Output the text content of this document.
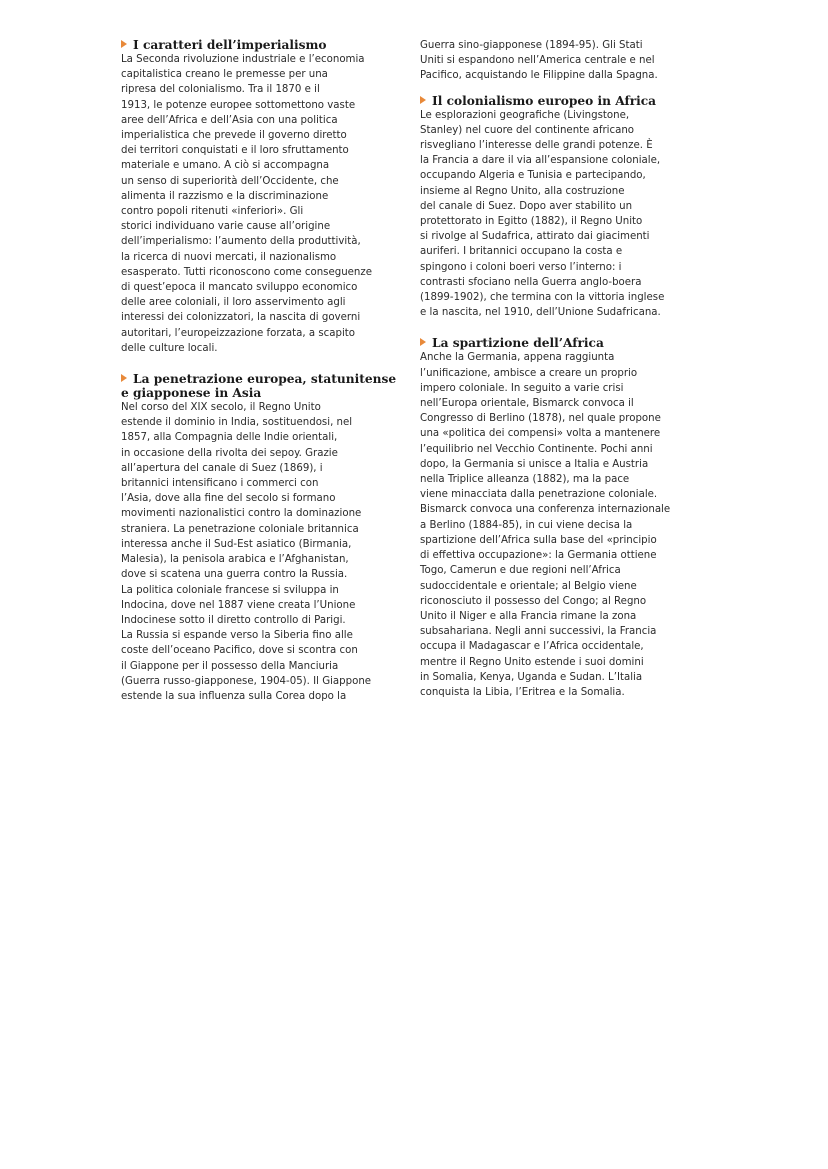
I caratteri dell’imperialismo

La Seconda rivoluzione industriale e l’economia
capitalistica creano le premesse per una
ripresa del colonialismo. Tra il 1870 e il
1913, le potenze europee sottomettono vaste
aree dell’Africa e dell’Asia con una politica
imperialistica che prevede il governo diretto
dei territori conquistati e il loro sfruttamento
materiale e umano. A ciò si accompagna
un senso di superiorità dell’Occidente, che
alimenta il razzismo e la discriminazione
contro popoli ritenuti «inferiori». Gli
storici individuano varie cause all’origine
dell’imperialismo: l’aumento della produttività,
la ricerca di nuovi mercati, il nazionalismo
esasperato. Tutti riconoscono come conseguenze
di quest’epoca il mancato sviluppo economico
delle aree coloniali, il loro asservimento agli
interessi dei colonizzatori, la nascita di governi
autoritari, l’europeizzazione forzata, a scapito
delle culture locali.

La penetrazione europea, statunitense
e giapponese in Asia

Nel corso del XIX secolo, il Regno Unito
estende il dominio in India, sostituendosi, nel
1857, alla Compagnia delle Indie orientali,
in occasione della rivolta dei sepoy. Grazie
all’apertura del canale di Suez (1869), i
britannici intensificano i commerci con
l’Asia, dove alla fine del secolo si formano
movimenti nazionalistici contro la dominazione
straniera. La penetrazione coloniale britannica
interessa anche il Sud-Est asiatico (Birmania,
Malesia), la penisola arabica e l’Afghanistan,
dove si scatena una guerra contro la Russia.
La politica coloniale francese si sviluppa in
Indocina, dove nel 1887 viene creata l’Unione
Indocinese sotto il diretto controllo di Parigi.
La Russia si espande verso la Siberia fino alle
coste dell’oceano Pacifico, dove si scontra con
il Giappone per il possesso della Manciuria
(Guerra russo-giapponese, 1904-05). Il Giappone
estende la sua influenza sulla Corea dopo la

Guerra sino-giapponese (1894-95). Gli Stati
Uniti si espandono nell’America centrale e nel
Pacifico, acquistando le Filippine dalla Spagna.

Il colonialismo europeo in Africa

Le esplorazioni geografiche (Livingstone,
Stanley) nel cuore del continente africano
risvegliano l’interesse delle grandi potenze. È
la Francia a dare il via all’espansione coloniale,
occupando Algeria e Tunisia e partecipando,
insieme al Regno Unito, alla costruzione
del canale di Suez. Dopo aver stabilito un
protettorato in Egitto (1882), il Regno Unito
si rivolge al Sudafrica, attirato dai giacimenti
auriferi. I britannici occupano la costa e
spingono i coloni boeri verso l’interno: i
contrasti sfociano nella Guerra anglo-boera
(1899-1902), che termina con la vittoria inglese
e la nascita, nel 1910, dell’Unione Sudafricana.

La spartizione dell’Africa

Anche la Germania, appena raggiunta
l’unificazione, ambisce a creare un proprio
impero coloniale. In seguito a varie crisi
nell’Europa orientale, Bismarck convoca il
Congresso di Berlino (1878), nel quale propone
una «politica dei compensi» volta a mantenere
l’equilibrio nel Vecchio Continente. Pochi anni
dopo, la Germania si unisce a Italia e Austria
nella Triplice alleanza (1882), ma la pace
viene minacciata dalla penetrazione coloniale.
Bismarck convoca una conferenza internazionale
a Berlino (1884-85), in cui viene decisa la
spartizione dell’Africa sulla base del «principio
di effettiva occupazione»: la Germania ottiene
Togo, Camerun e due regioni nell’Africa
sudoccidentale e orientale; al Belgio viene
riconosciuto il possesso del Congo; al Regno
Unito il Niger e alla Francia rimane la zona
subsahariana. Negli anni successivi, la Francia
occupa il Madagascar e l’Africa occidentale,
mentre il Regno Unito estende i suoi domini
in Somalia, Kenya, Uganda e Sudan. L’Italia
conquista la Libia, l’Eritrea e la Somalia.
